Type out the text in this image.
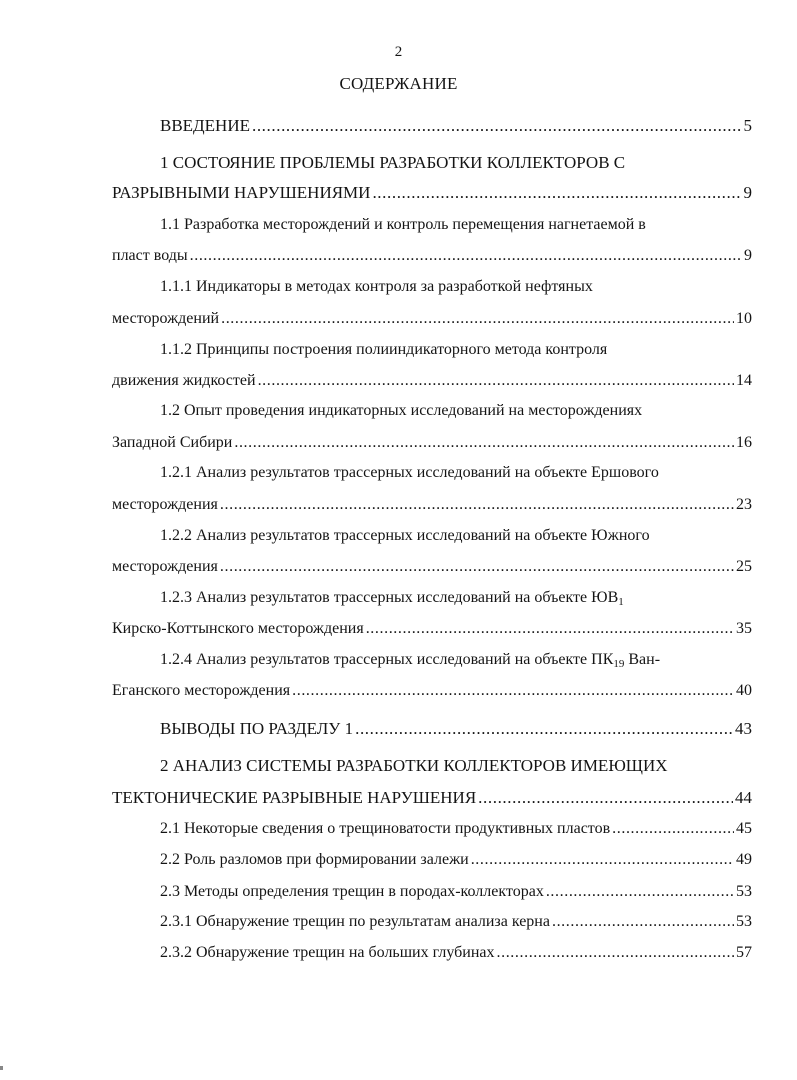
2
СОДЕРЖАНИЕ
ВВЕДЕНИЕ .....	5
1 СОСТОЯНИЕ ПРОБЛЕМЫ РАЗРАБОТКИ КОЛЛЕКТОРОВ С
РАЗРЫВНЫМИ НАРУШЕНИЯМИ .....	9
1.1 Разработка месторождений и контроль перемещения нагнетаемой в
пласт воды .....	9
1.1.1 Индикаторы в методах контроля за разработкой нефтяных
месторождений .....	10
1.1.2 Принципы построения полииндикаторного метода контроля
движения жидкостей .....	14
1.2 Опыт проведения индикаторных исследований на месторождениях
Западной Сибири .....	16
1.2.1 Анализ результатов трассерных исследований на объекте Ершового
месторождения .....	23
1.2.2 Анализ результатов трассерных исследований на объекте Южного
месторождения .....	25
1.2.3 Анализ результатов трассерных исследований на объекте $ЮВ_1$
Кирско-Коттынского месторождения .....	35
1.2.4 Анализ результатов трассерных исследований на объекте $ПК_{19}$ Ван-
Еганского месторождения .....	40
ВЫВОДЫ ПО РАЗДЕЛУ 1 .....	43
2 АНАЛИЗ СИСТЕМЫ РАЗРАБОТКИ КОЛЛЕКТОРОВ ИМЕЮЩИХ
ТЕКТОНИЧЕСКИЕ РАЗРЫВНЫЕ НАРУШЕНИЯ .....	44
2.1 Некоторые сведения о трещиноватости продуктивных пластов .....	45
2.2 Роль разломов при формировании залежи .....	49
2.3 Методы определения трещин в породах-коллекторах .....	53
2.3.1 Обнаружение трещин по результатам анализа керна .....	53
2.3.2 Обнаружение трещин на больших глубинах .....	57
